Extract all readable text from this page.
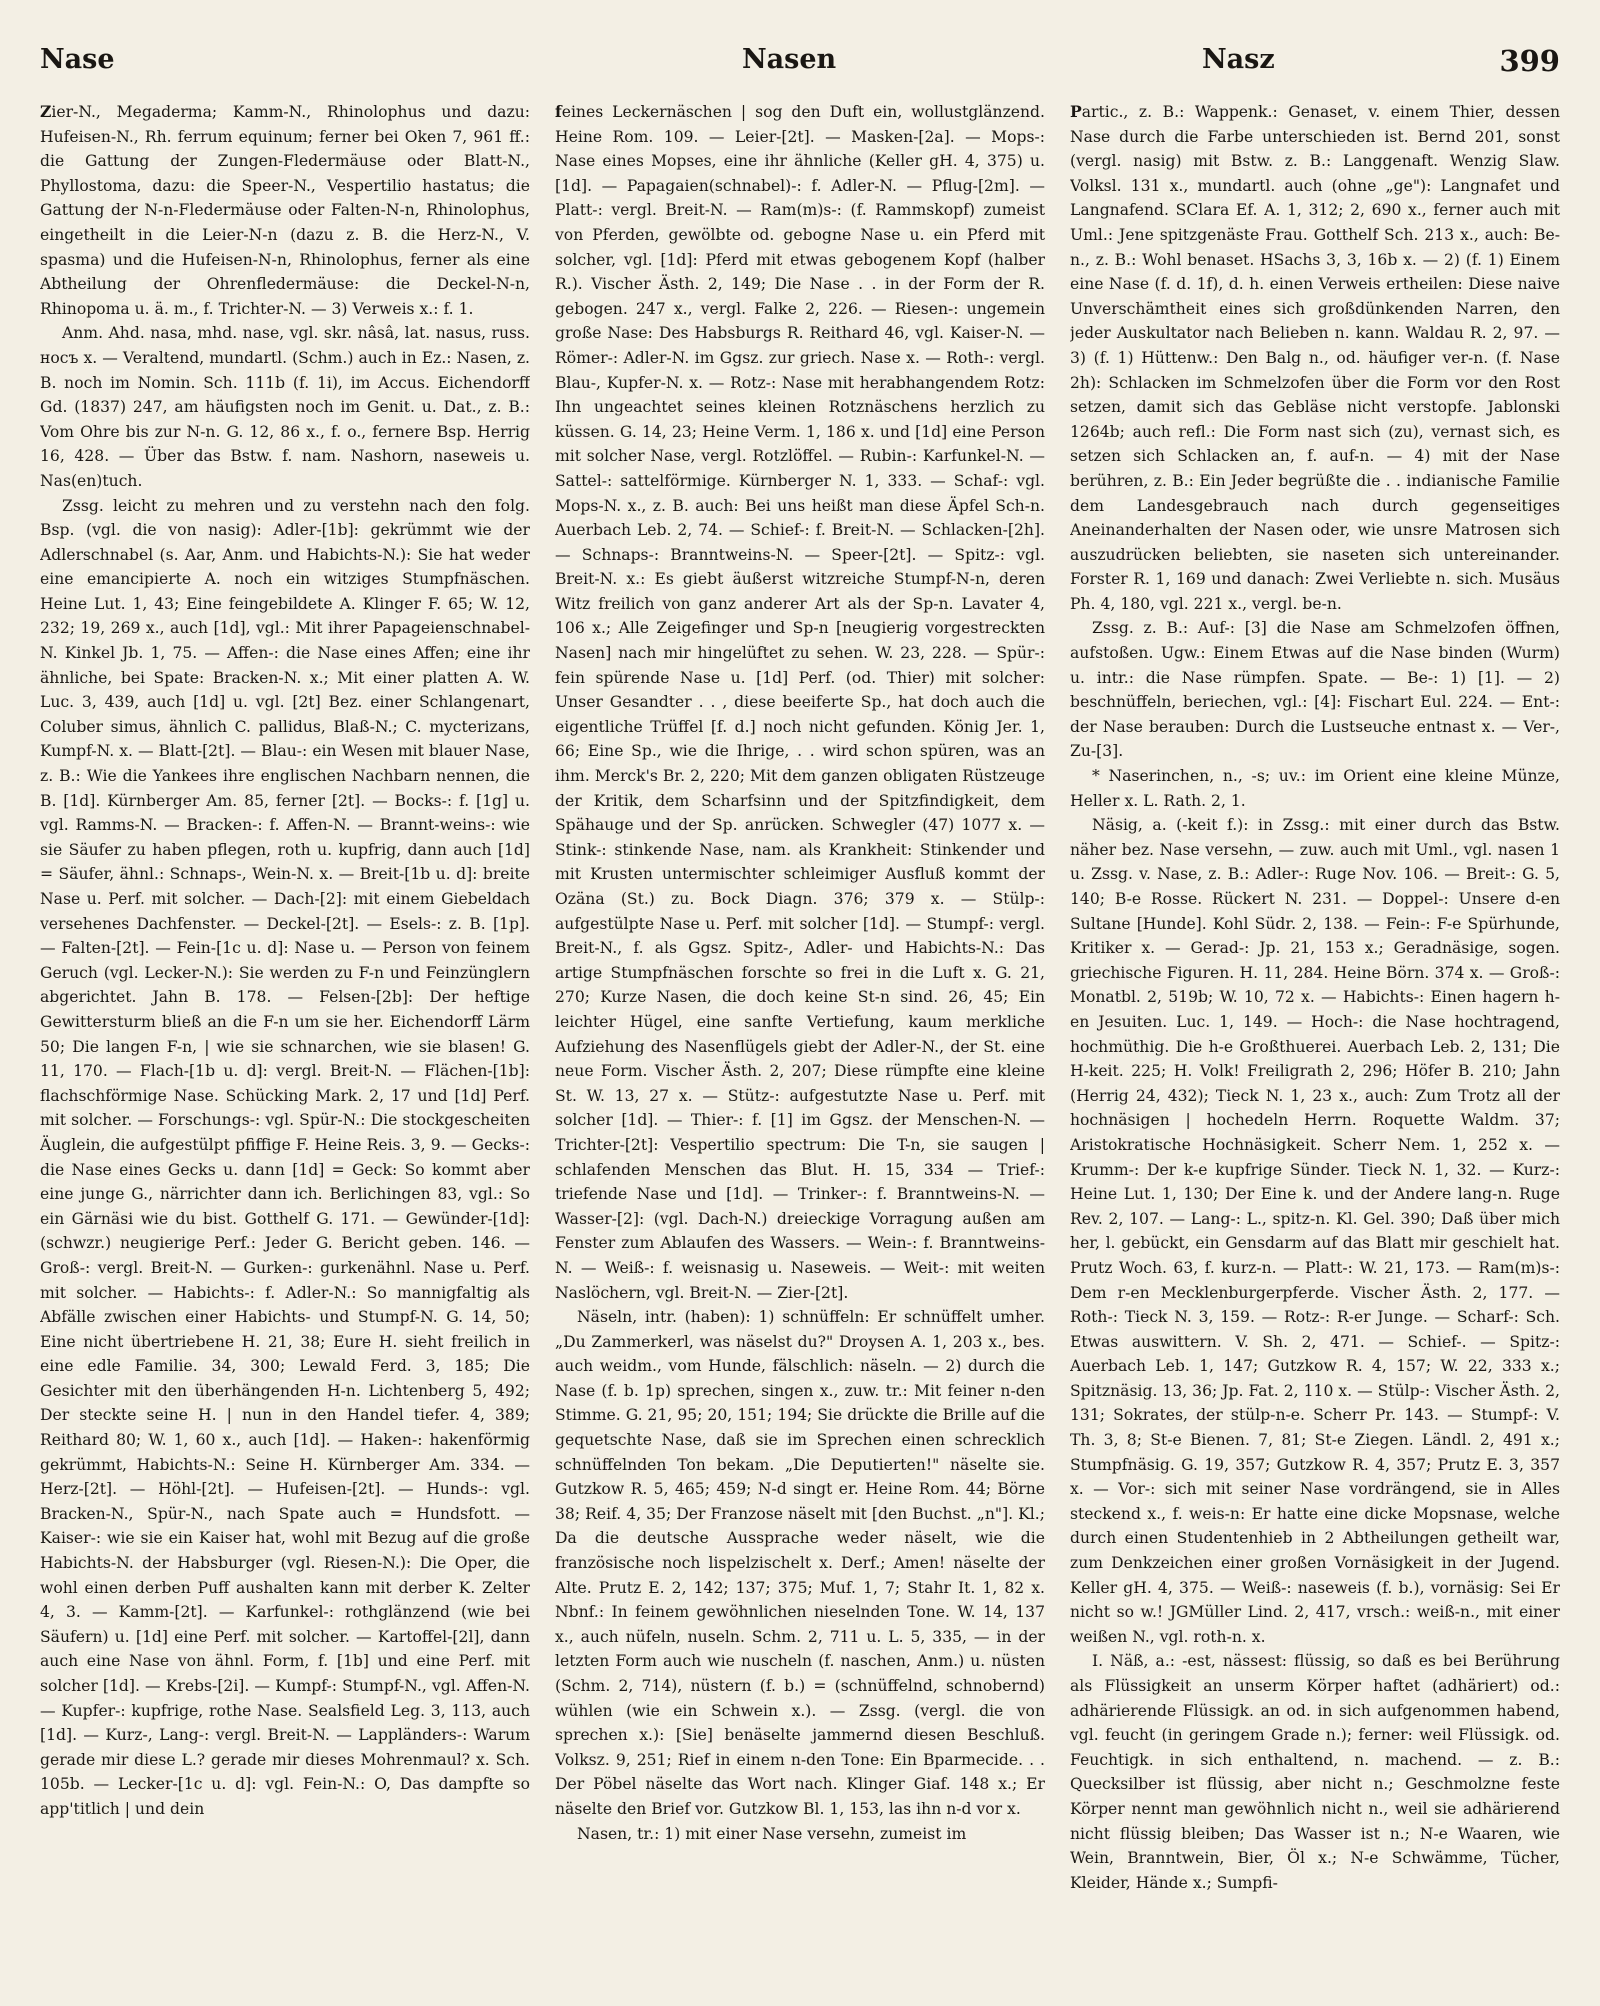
Nase	Nasen	Nasz	399

Zier-N., Megaderma; Kamm-N., Rhinolophus und dazu: Hufeisen-N., Rh. ferrum equinum; ferner bei Oken 7, 961 ff.: die Gattung der Zungen-Fledermäuse oder Blatt-N., Phyllostoma, dazu: die Speer-N., Vespertilio hastatus; die Gattung der N-n-Fledermäuse oder Falten-N-n, Rhinolophus, eingetheilt in die Leier-N-n (dazu z. B. die Herz-N., V. spasma) und die Hufeisen-N-n, Rhinolophus, ferner als eine Abtheilung der Ohrenfledermäuse: die Deckel-N-n, Rhinopoma u. ä. m., f. Trichter-N. — 3) Verweis x.: f. 1.

Anm. Ahd. nasa, mhd. nase, vgl. skr. nâsâ, lat. nasus, russ. носъ x. — Veraltend, mundartl. (Schm.) auch in Ez.: Nasen, z. B. noch im Nomin. Sch. 111b (f. 1i), im Accus. Eichendorff Gd. (1837) 247, am häufigsten noch im Genit. u. Dat., z. B.: Vom Ohre bis zur N-n. G. 12, 86 x., f. o., fernere Bsp. Herrig 16, 428. — Über das Bstw. f. nam. Nashorn, naseweis u. Nas(en)tuch.

Zssg. leicht zu mehren und zu verstehn nach den folg. Bsp. (vgl. die von nasig): Adler-[1b]: gekrümmt wie der Adlerschnabel (s. Aar, Anm. und Habichts-N.): Sie hat weder eine emancipierte A. noch ein witziges Stumpfnäschen. Heine Lut. 1, 43; Eine feingebildete A. Klinger F. 65; W. 12, 232; 19, 269 x., auch [1d], vgl.: Mit ihrer Papageienschnabel-N. Kinkel Jb. 1, 75. — Affen-: die Nase eines Affen; eine ihr ähnliche, bei Spate: Bracken-N. x.; Mit einer platten A. W. Luc. 3, 439, auch [1d] u. vgl. [2t] Bez. einer Schlangenart, Coluber simus, ähnlich C. pallidus, Blaß-N.; C. mycterizans, Kumpf-N. x. — Blatt-[2t]. — Blau-: ein Wesen mit blauer Nase, z. B.: Wie die Yankees ihre englischen Nachbarn nennen, die B. [1d]. Kürnberger Am. 85, ferner [2t]. — Bocks-: f. [1g] u. vgl. Ramms-N. — Bracken-: f. Affen-N. — Brannt-weins-: wie sie Säufer zu haben pflegen, roth u. kupfrig, dann auch [1d] = Säufer, ähnl.: Schnaps-, Wein-N. x. — Breit-[1b u. d]: breite Nase u. Perf. mit solcher. — Dach-[2]: mit einem Giebeldach versehenes Dachfenster. — Deckel-[2t]. — Esels-: z. B. [1p]. — Falten-[2t]. — Fein-[1c u. d]: Nase u. — Person von feinem Geruch (vgl. Lecker-N.): Sie werden zu F-n und Feinzünglern abgerichtet. Jahn B. 178. — Felsen-[2b]: Der heftige Gewittersturm bließ an die F-n um sie her. Eichendorff Lärm 50; Die langen F-n, | wie sie schnarchen, wie sie blasen! G. 11, 170. — Flach-[1b u. d]: vergl. Breit-N. — Flächen-[1b]: flachschförmige Nase. Schücking Mark. 2, 17 und [1d] Perf. mit solcher. — Forschungs-: vgl. Spür-N.: Die stockgescheiten Äuglein, die aufgestülpt pfiffige F. Heine Reis. 3, 9. — Gecks-: die Nase eines Gecks u. dann [1d] = Geck: So kommt aber eine junge G., närrichter dann ich. Berlichingen 83, vgl.: So ein Gärnäsi wie du bist. Gotthelf G. 171. — Gewünder-[1d]: (schwzr.) neugierige Perf.: Jeder G. Bericht geben. 146. — Groß-: vergl. Breit-N. — Gurken-: gurkenähnl. Nase u. Perf. mit solcher. — Habichts-: f. Adler-N.: So mannigfaltig als Abfälle zwischen einer Habichts- und Stumpf-N. G. 14, 50; Eine nicht übertriebene H. 21, 38; Eure H. sieht freilich in eine edle Familie. 34, 300; Lewald Ferd. 3, 185; Die Gesichter mit den überhängenden H-n. Lichtenberg 5, 492; Der steckte seine H. | nun in den Handel tiefer. 4, 389; Reithard 80; W. 1, 60 x., auch [1d]. — Haken-: hakenförmig gekrümmt, Habichts-N.: Seine H. Kürnberger Am. 334. — Herz-[2t]. — Höhl-[2t]. — Hufeisen-[2t]. — Hunds-: vgl. Bracken-N., Spür-N., nach Spate auch = Hundsfott. — Kaiser-: wie sie ein Kaiser hat, wohl mit Bezug auf die große Habichts-N. der Habsburger (vgl. Riesen-N.): Die Oper, die wohl einen derben Puff aushalten kann mit derber K. Zelter 4, 3. — Kamm-[2t]. — Karfunkel-: rothglänzend (wie bei Säufern) u. [1d] eine Perf. mit solcher. — Kartoffel-[2l], dann auch eine Nase von ähnl. Form, f. [1b] und eine Perf. mit solcher [1d]. — Krebs-[2i]. — Kumpf-: Stumpf-N., vgl. Affen-N. — Kupfer-: kupfrige, rothe Nase. Sealsfield Leg. 3, 113, auch [1d]. — Kurz-, Lang-: vergl. Breit-N. — Lappländers-: Warum gerade mir diese L.? gerade mir dieses Mohrenmaul? x. Sch. 105b. — Lecker-[1c u. d]: vgl. Fein-N.: O, Das dampfte so app'titlich | und dein

feines Leckernäschen | sog den Duft ein, wollustglänzend. Heine Rom. 109. — Leier-[2t]. — Masken-[2a]. — Mops-: Nase eines Mopses, eine ihr ähnliche (Keller gH. 4, 375) u. [1d]. — Papagaien(schnabel)-: f. Adler-N. — Pflug-[2m]. — Platt-: vergl. Breit-N. — Ram(m)s-: (f. Rammskopf) zumeist von Pferden, gewölbte od. gebogne Nase u. ein Pferd mit solcher, vgl. [1d]: Pferd mit etwas gebogenem Kopf (halber R.). Vischer Ästh. 2, 149; Die Nase . . in der Form der R. gebogen. 247 x., vergl. Falke 2, 226. — Riesen-: ungemein große Nase: Des Habsburgs R. Reithard 46, vgl. Kaiser-N. — Römer-: Adler-N. im Ggsz. zur griech. Nase x. — Roth-: vergl. Blau-, Kupfer-N. x. — Rotz-: Nase mit herabhangendem Rotz: Ihn ungeachtet seines kleinen Rotznäschens herzlich zu küssen. G. 14, 23; Heine Verm. 1, 186 x. und [1d] eine Person mit solcher Nase, vergl. Rotzlöffel. — Rubin-: Karfunkel-N. — Sattel-: sattelförmige. Kürnberger N. 1, 333. — Schaf-: vgl. Mops-N. x., z. B. auch: Bei uns heißt man diese Äpfel Sch-n. Auerbach Leb. 2, 74. — Schief-: f. Breit-N. — Schlacken-[2h]. — Schnaps-: Branntweins-N. — Speer-[2t]. — Spitz-: vgl. Breit-N. x.: Es giebt äußerst witzreiche Stumpf-N-n, deren Witz freilich von ganz anderer Art als der Sp-n. Lavater 4, 106 x.; Alle Zeigefinger und Sp-n [neugierig vorgestreckten Nasen] nach mir hingelüftet zu sehen. W. 23, 228. — Spür-: fein spürende Nase u. [1d] Perf. (od. Thier) mit solcher: Unser Gesandter . . , diese beeiferte Sp., hat doch auch die eigentliche Trüffel [f. d.] noch nicht gefunden. König Jer. 1, 66; Eine Sp., wie die Ihrige, . . wird schon spüren, was an ihm. Merck's Br. 2, 220; Mit dem ganzen obligaten Rüstzeuge der Kritik, dem Scharfsinn und der Spitzfindigkeit, dem Spähauge und der Sp. anrücken. Schwegler (47) 1077 x. — Stink-: stinkende Nase, nam. als Krankheit: Stinkender und mit Krusten untermischter schleimiger Ausfluß kommt der Ozäna (St.) zu. Bock Diagn. 376; 379 x. — Stülp-: aufgestülpte Nase u. Perf. mit solcher [1d]. — Stumpf-: vergl. Breit-N., f. als Ggsz. Spitz-, Adler- und Habichts-N.: Das artige Stumpfnäschen forschte so frei in die Luft x. G. 21, 270; Kurze Nasen, die doch keine St-n sind. 26, 45; Ein leichter Hügel, eine sanfte Vertiefung, kaum merkliche Aufziehung des Nasenflügels giebt der Adler-N., der St. eine neue Form. Vischer Ästh. 2, 207; Diese rümpfte eine kleine St. W. 13, 27 x. — Stütz-: aufgestutzte Nase u. Perf. mit solcher [1d]. — Thier-: f. [1] im Ggsz. der Menschen-N. — Trichter-[2t]: Vespertilio spectrum: Die T-n, sie saugen | schlafenden Menschen das Blut. H. 15, 334 — Trief-: triefende Nase und [1d]. — Trinker-: f. Branntweins-N. — Wasser-[2]: (vgl. Dach-N.) dreieckige Vorragung außen am Fenster zum Ablaufen des Wassers. — Wein-: f. Branntweins-N. — Weiß-: f. weisnasig u. Naseweis. — Weit-: mit weiten Naslöchern, vgl. Breit-N. — Zier-[2t].

Näseln, intr. (haben): 1) schnüffeln: Er schnüffelt umher. „Du Zammerkerl, was näselst du?" Droysen A. 1, 203 x., bes. auch weidm., vom Hunde, fälschlich: näseln. — 2) durch die Nase (f. b. 1p) sprechen, singen x., zuw. tr.: Mit feiner n-den Stimme. G. 21, 95; 20, 151; 194; Sie drückte die Brille auf die gequetschte Nase, daß sie im Sprechen einen schrecklich schnüffelnden Ton bekam. „Die Deputierten!" näselte sie. Gutzkow R. 5, 465; 459; N-d singt er. Heine Rom. 44; Börne 38; Reif. 4, 35; Der Franzose näselt mit [den Buchst. „n"]. Kl.; Da die deutsche Aussprache weder näselt, wie die französische noch lispelzischelt x. Derf.; Amen! näselte der Alte. Prutz E. 2, 142; 137; 375; Muf. 1, 7; Stahr It. 1, 82 x. Nbnf.: In feinem gewöhnlichen nieselnden Tone. W. 14, 137 x., auch nüfeln, nuseln. Schm. 2, 711 u. L. 5, 335, — in der letzten Form auch wie nuscheln (f. naschen, Anm.) u. nüsten (Schm. 2, 714), nüstern (f. b.) = (schnüffelnd, schnobernd) wühlen (wie ein Schwein x.). — Zssg. (vergl. die von sprechen x.): [Sie] benäselte jammernd diesen Beschluß. Volksz. 9, 251; Rief in einem n-den Tone: Ein Bparmecide. . . Der Pöbel näselte das Wort nach. Klinger Giaf. 148 x.; Er näselte den Brief vor. Gutzkow Bl. 1, 153, las ihn n-d vor x.

Nasen, tr.: 1) mit einer Nase versehn, zumeist im

Partic., z. B.: Wappenk.: Genaset, v. einem Thier, dessen Nase durch die Farbe unterschieden ist. Bernd 201, sonst (vergl. nasig) mit Bstw. z. B.: Langgenaft. Wenzig Slaw. Volksl. 131 x., mundartl. auch (ohne „ge"): Langnafet und Langnafend. SClara Ef. A. 1, 312; 2, 690 x., ferner auch mit Uml.: Jene spitzgenäste Frau. Gotthelf Sch. 213 x., auch: Be-n., z. B.: Wohl benaset. HSachs 3, 3, 16b x. — 2) (f. 1) Einem eine Nase (f. d. 1f), d. h. einen Verweis ertheilen: Diese naive Unverschämtheit eines sich großdünkenden Narren, den jeder Auskultator nach Belieben n. kann. Waldau R. 2, 97. — 3) (f. 1) Hüttenw.: Den Balg n., od. häufiger ver-n. (f. Nase 2h): Schlacken im Schmelzofen über die Form vor den Rost setzen, damit sich das Gebläse nicht verstopfe. Jablonski 1264b; auch refl.: Die Form nast sich (zu), vernast sich, es setzen sich Schlacken an, f. auf-n. — 4) mit der Nase berühren, z. B.: Ein Jeder begrüßte die . . indianische Familie dem Landesgebrauch nach durch gegenseitiges Aneinanderhalten der Nasen oder, wie unsre Matrosen sich auszudrücken beliebten, sie naseten sich untereinander. Forster R. 1, 169 und danach: Zwei Verliebte n. sich. Musäus Ph. 4, 180, vgl. 221 x., vergl. be-n.

Zssg. z. B.: Auf-: [3] die Nase am Schmelzofen öffnen, aufstoßen. Ugw.: Einem Etwas auf die Nase binden (Wurm) u. intr.: die Nase rümpfen. Spate. — Be-: 1) [1]. — 2) beschnüffeln, beriechen, vgl.: [4]: Fischart Eul. 224. — Ent-: der Nase berauben: Durch die Lustseuche entnast x. — Ver-, Zu-[3].

* Naserinchen, n., -s; uv.: im Orient eine kleine Münze, Heller x. L. Rath. 2, 1.

Näsig, a. (-keit f.): in Zssg.: mit einer durch das Bstw. näher bez. Nase versehn, — zuw. auch mit Uml., vgl. nasen 1 u. Zssg. v. Nase, z. B.: Adler-: Ruge Nov. 106. — Breit-: G. 5, 140; B-e Rosse. Rückert N. 231. — Doppel-: Unsere d-en Sultane [Hunde]. Kohl Südr. 2, 138. — Fein-: F-e Spürhunde, Kritiker x. — Gerad-: Jp. 21, 153 x.; Geradnäsige, sogen. griechische Figuren. H. 11, 284. Heine Börn. 374 x. — Groß-: Monatbl. 2, 519b; W. 10, 72 x. — Habichts-: Einen hagern h-en Jesuiten. Luc. 1, 149. — Hoch-: die Nase hochtragend, hochmüthig. Die h-e Großthuerei. Auerbach Leb. 2, 131; Die H-keit. 225; H. Volk! Freiligrath 2, 296; Höfer B. 210; Jahn (Herrig 24, 432); Tieck N. 1, 23 x., auch: Zum Trotz all der hochnäsigen | hochedeln Herrn. Roquette Waldm. 37; Aristokratische Hochnäsigkeit. Scherr Nem. 1, 252 x. — Krumm-: Der k-e kupfrige Sünder. Tieck N. 1, 32. — Kurz-: Heine Lut. 1, 130; Der Eine k. und der Andere lang-n. Ruge Rev. 2, 107. — Lang-: L., spitz-n. Kl. Gel. 390; Daß über mich her, l. gebückt, ein Gensdarm auf das Blatt mir geschielt hat. Prutz Woch. 63, f. kurz-n. — Platt-: W. 21, 173. — Ram(m)s-: Dem r-en Mecklenburgerpferde. Vischer Ästh. 2, 177. — Roth-: Tieck N. 3, 159. — Rotz-: R-er Junge. — Scharf-: Sch. Etwas auswittern. V. Sh. 2, 471. — Schief-. — Spitz-: Auerbach Leb. 1, 147; Gutzkow R. 4, 157; W. 22, 333 x.; Spitznäsig. 13, 36; Jp. Fat. 2, 110 x. — Stülp-: Vischer Ästh. 2, 131; Sokrates, der stülp-n-e. Scherr Pr. 143. — Stumpf-: V. Th. 3, 8; St-e Bienen. 7, 81; St-e Ziegen. Ländl. 2, 491 x.; Stumpfnäsig. G. 19, 357; Gutzkow R. 4, 357; Prutz E. 3, 357 x. — Vor-: sich mit seiner Nase vordrängend, sie in Alles steckend x., f. weis-n: Er hatte eine dicke Mopsnase, welche durch einen Studentenhieb in 2 Abtheilungen getheilt war, zum Denkzeichen einer großen Vornäsigkeit in der Jugend. Keller gH. 4, 375. — Weiß-: naseweis (f. b.), vornäsig: Sei Er nicht so w.! JGMüller Lind. 2, 417, vrsch.: weiß-n., mit einer weißen N., vgl. roth-n. x.

I. Näß, a.: -est, nässest: flüssig, so daß es bei Berührung als Flüssigkeit an unserm Körper haftet (adhäriert) od.: adhärierende Flüssigk. an od. in sich aufgenommen habend, vgl. feucht (in geringem Grade n.); ferner: weil Flüssigk. od. Feuchtigk. in sich enthaltend, n. machend. — z. B.: Quecksilber ist flüssig, aber nicht n.; Geschmolzne feste Körper nennt man gewöhnlich nicht n., weil sie adhärierend nicht flüssig bleiben; Das Wasser ist n.; N-e Waaren, wie Wein, Branntwein, Bier, Öl x.; N-e Schwämme, Tücher, Kleider, Hände x.; Sumpfi-
